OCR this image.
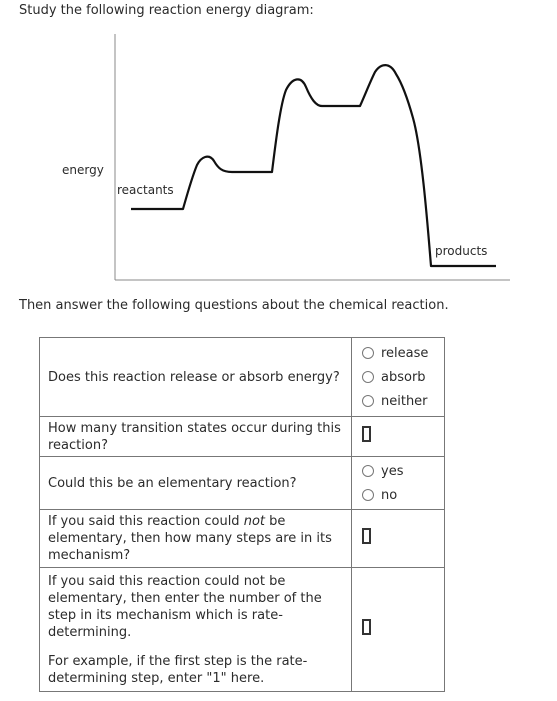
Study the following reaction energy diagram:
energy
reactants
products
Then answer the following questions about the chemical reaction.
Does this reaction release or absorb energy?	release
absorb
neither

How many transition states occur during this reaction?	
Could this be an elementary reaction?	yes
no

If you said this reaction could not be elementary, then how many steps are in its mechanism?	

If you said this reaction could not be elementary, then enter the number of the step in its mechanism which is rate-determining.
For example, if the first step is the rate-determining step, enter "1" here.	
